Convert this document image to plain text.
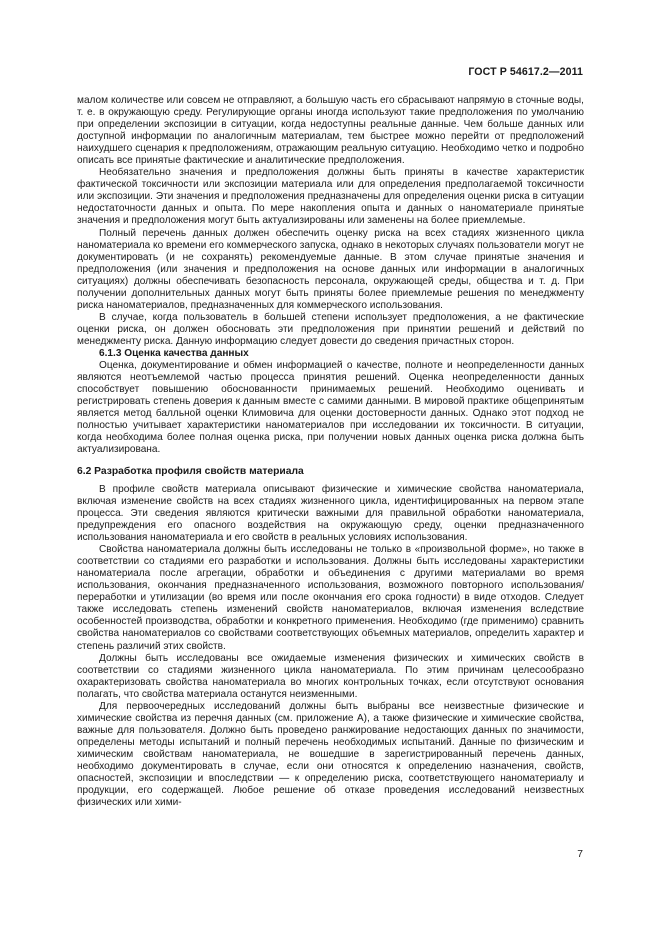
ГОСТ Р 54617.2—2011

малом количестве или совсем не отправляют, а большую часть его сбрасывают напрямую в сточные воды, т. е. в окружающую среду. Регулирующие органы иногда используют такие предположения по умолчанию при определении экспозиции в ситуации, когда недоступны реальные данные. Чем больше данных или доступной информации по аналогичным материалам, тем быстрее можно перейти от предположений наихудшего сценария к предположениям, отражающим реальную ситуацию. Необходимо четко и подробно описать все принятые фактические и аналитические предположения.

Необязательно значения и предположения должны быть приняты в качестве характеристик фактической токсичности или экспозиции материала или для определения предполагаемой токсичности или экспозиции. Эти значения и предположения предназначены для определения оценки риска в ситуации недостаточности данных и опыта. По мере накопления опыта и данных о наноматериале принятые значения и предположения могут быть актуализированы или заменены на более приемлемые.

Полный перечень данных должен обеспечить оценку риска на всех стадиях жизненного цикла наноматериала ко времени его коммерческого запуска, однако в некоторых случаях пользователи могут не документировать (и не сохранять) рекомендуемые данные. В этом случае принятые значения и предположения (или значения и предположения на основе данных или информации в аналогичных ситуациях) должны обеспечивать безопасность персонала, окружающей среды, общества и т. д. При получении дополнительных данных могут быть приняты более приемлемые решения по менеджменту риска наноматериалов, предназначенных для коммерческого использования.

В случае, когда пользователь в большей степени использует предположения, а не фактические оценки риска, он должен обосновать эти предположения при принятии решений и действий по менеджменту риска. Данную информацию следует довести до сведения причастных сторон.

6.1.3 Оценка качества данных

Оценка, документирование и обмен информацией о качестве, полноте и неопределенности данных являются неотъемлемой частью процесса принятия решений. Оценка неопределенности данных способствует повышению обоснованности принимаемых решений. Необходимо оценивать и регистрировать степень доверия к данным вместе с самими данными. В мировой практике общепринятым является метод балльной оценки Климовича для оценки достоверности данных. Однако этот подход не полностью учитывает характеристики наноматериалов при исследовании их токсичности. В ситуации, когда необходима более полная оценка риска, при получении новых данных оценка риска должна быть актуализирована.

6.2 Разработка профиля свойств материала

В профиле свойств материала описывают физические и химические свойства наноматериала, включая изменение свойств на всех стадиях жизненного цикла, идентифицированных на первом этапе процесса. Эти сведения являются критически важными для правильной обработки наноматериала, предупреждения его опасного воздействия на окружающую среду, оценки предназначенного использования наноматериала и его свойств в реальных условиях использования.

Свойства наноматериала должны быть исследованы не только в «произвольной форме», но также в соответствии со стадиями его разработки и использования. Должны быть исследованы характеристики наноматериала после агрегации, обработки и объединения с другими материалами во время использования, окончания предназначенного использования, возможного повторного использования/переработки и утилизации (во время или после окончания его срока годности) в виде отходов. Следует также исследовать степень изменений свойств наноматериалов, включая изменения вследствие особенностей производства, обработки и конкретного применения. Необходимо (где применимо) сравнить свойства наноматериалов со свойствами соответствующих объемных материалов, определить характер и степень различий этих свойств.

Должны быть исследованы все ожидаемые изменения физических и химических свойств в соответствии со стадиями жизненного цикла наноматериала. По этим причинам целесообразно охарактеризовать свойства наноматериала во многих контрольных точках, если отсутствуют основания полагать, что свойства материала останутся неизменными.

Для первоочередных исследований должны быть выбраны все неизвестные физические и химические свойства из перечня данных (см. приложение А), а также физические и химические свойства, важные для пользователя. Должно быть проведено ранжирование недостающих данных по значимости, определены методы испытаний и полный перечень необходимых испытаний. Данные по физическим и химическим свойствам наноматериала, не вошедшие в зарегистрированный перечень данных, необходимо документировать в случае, если они относятся к определению назначения, свойств, опасностей, экспозиции и впоследствии — к определению риска, соответствующего наноматериалу и продукции, его содержащей. Любое решение об отказе проведения исследований неизвестных физических или хими-

7
